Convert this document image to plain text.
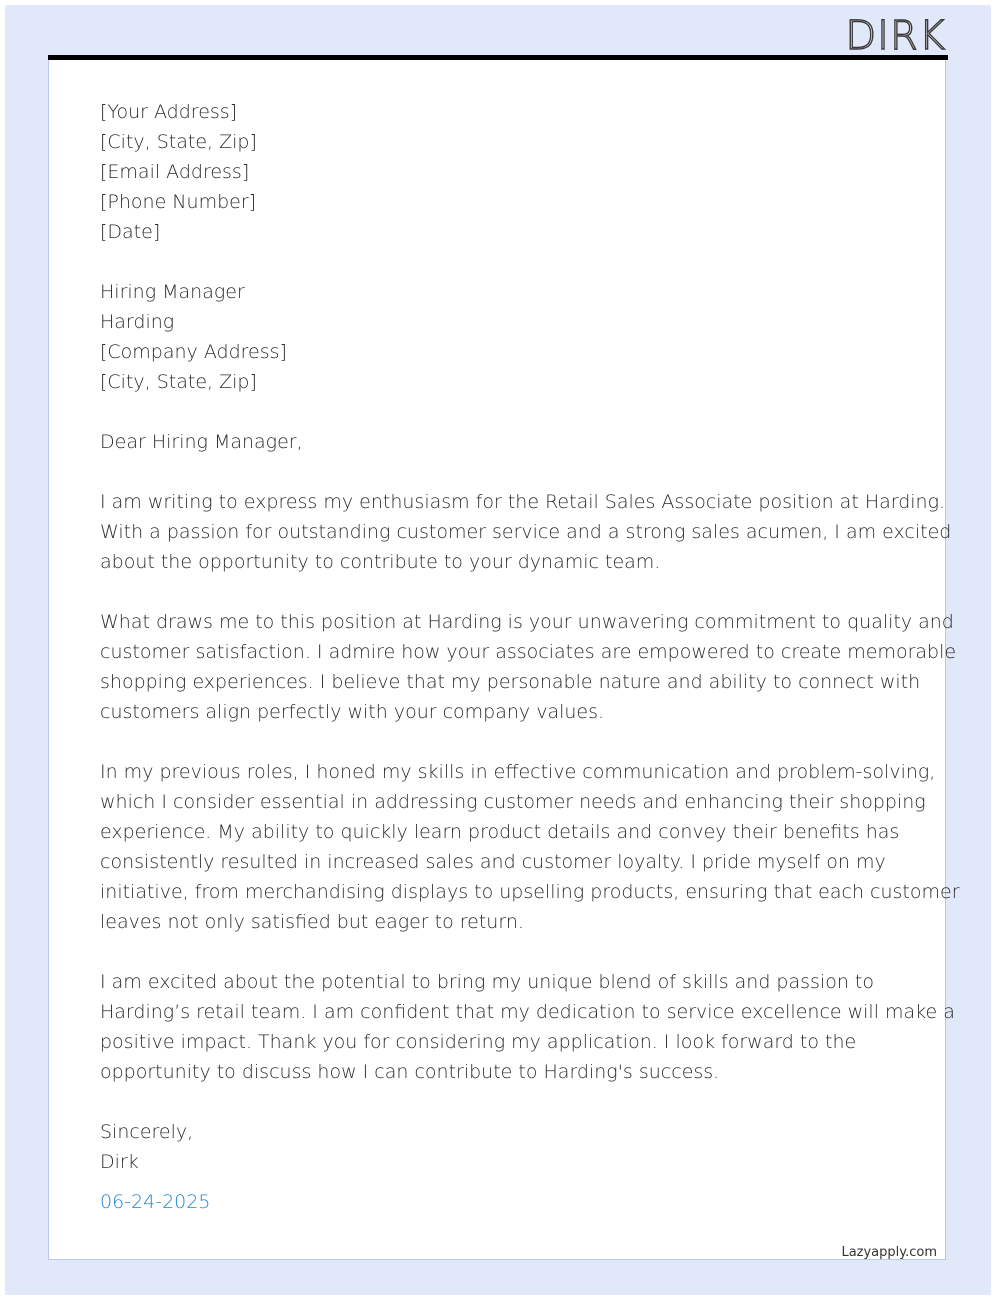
DIRK
[Your Address]
[City, State, Zip]
[Email Address]
[Phone Number]
[Date]
Hiring Manager
Harding
[Company Address]
[City, State, Zip]
Dear Hiring Manager,
I am writing to express my enthusiasm for the Retail Sales Associate position at Harding.
With a passion for outstanding customer service and a strong sales acumen, I am excited
about the opportunity to contribute to your dynamic team.
What draws me to this position at Harding is your unwavering commitment to quality and
customer satisfaction. I admire how your associates are empowered to create memorable
shopping experiences. I believe that my personable nature and ability to connect with
customers align perfectly with your company values.
In my previous roles, I honed my skills in effective communication and problem-solving,
which I consider essential in addressing customer needs and enhancing their shopping
experience. My ability to quickly learn product details and convey their benefits has
consistently resulted in increased sales and customer loyalty. I pride myself on my
initiative, from merchandising displays to upselling products, ensuring that each customer
leaves not only satisfied but eager to return.
I am excited about the potential to bring my unique blend of skills and passion to
Harding’s retail team. I am confident that my dedication to service excellence will make a
positive impact. Thank you for considering my application. I look forward to the
opportunity to discuss how I can contribute to Harding's success.
Sincerely,
Dirk
06-24-2025
Lazyapply.com
